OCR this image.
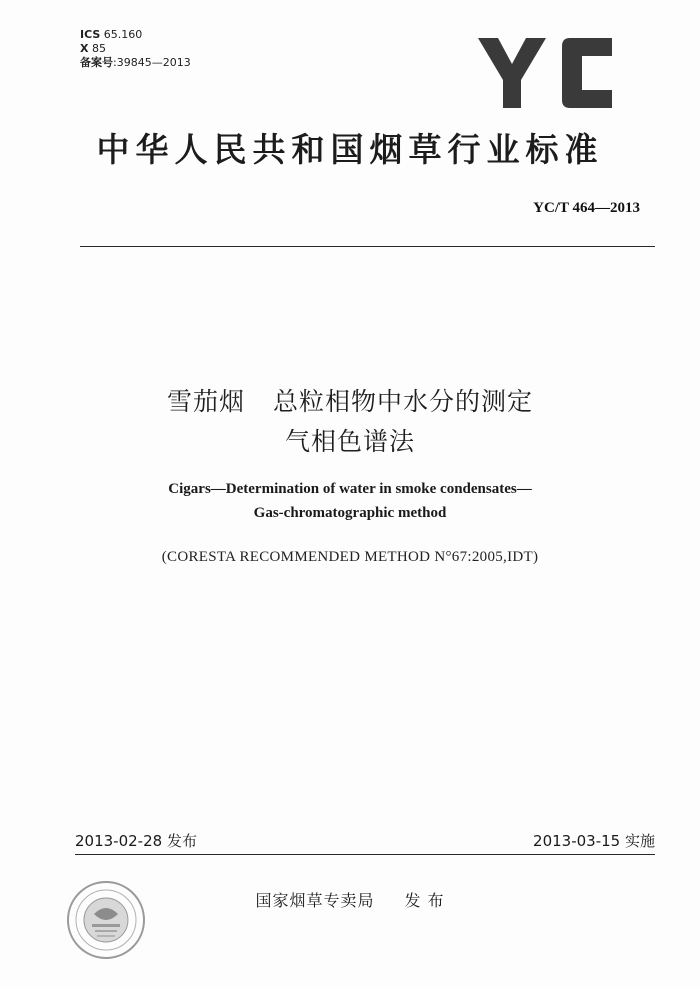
ICS 65.160
X 85
备案号:39845—2013
中华人民共和国烟草行业标准
YC/T 464—2013
雪茄烟 总粒相物中水分的测定
气相色谱法
Cigars—Determination of water in smoke condensates—
Gas-chromatographic method
(CORESTA RECOMMENDED METHOD N°67:2005,IDT)
2013-02-28 发布	2013-03-15 实施
国家烟草专卖局 发 布
